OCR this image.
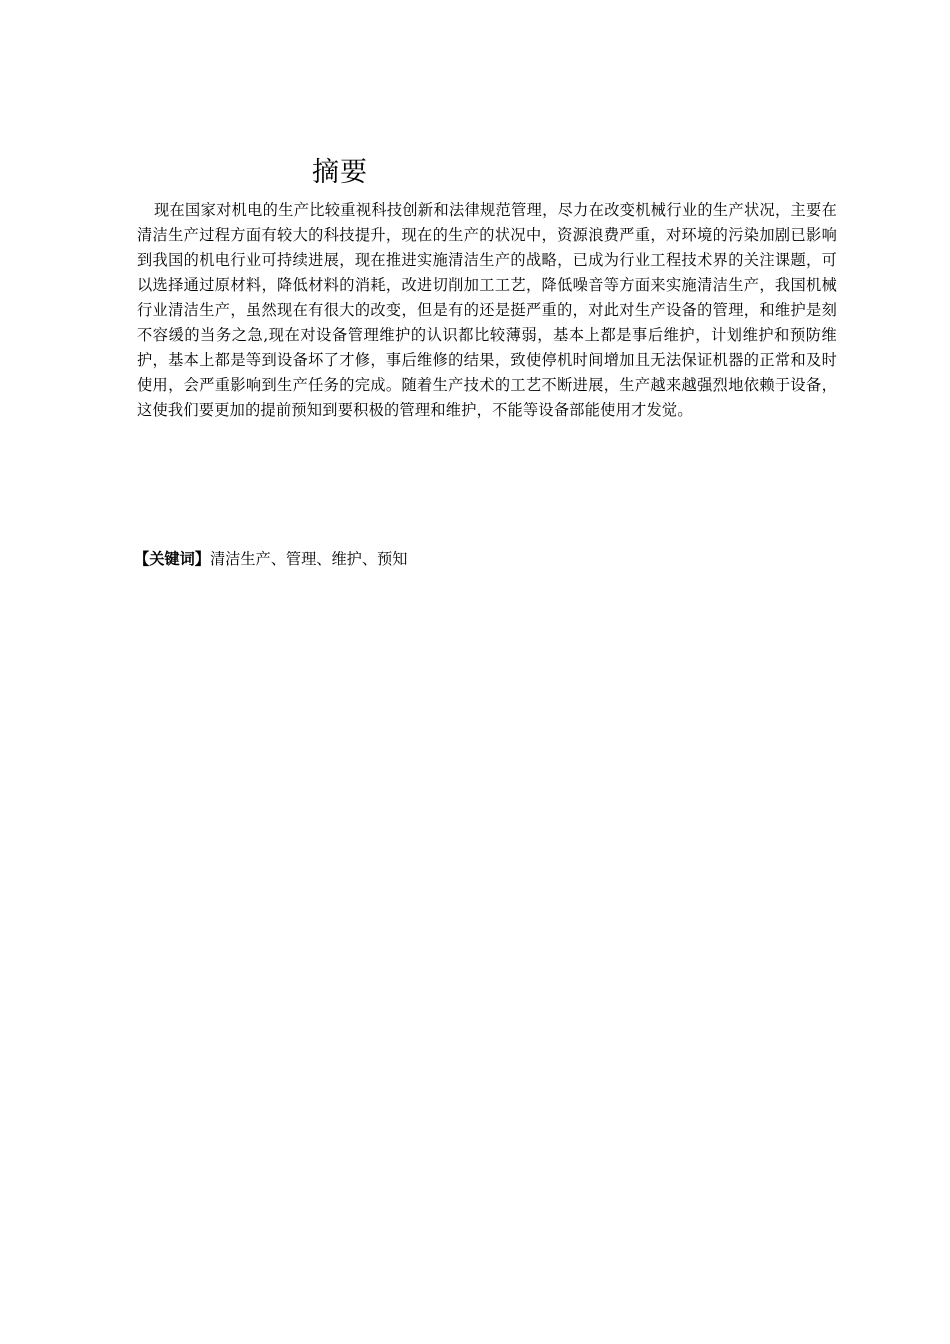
摘要

现在国家对机电的生产比较重视科技创新和法律规范管理，尽力在改变机械行业的生产状况，主要在清洁生产过程方面有较大的科技提升，现在的生产的状况中，资源浪费严重，对环境的污染加剧已影响到我国的机电行业可持续进展，现在推进实施清洁生产的战略，已成为行业工程技术界的关注课题，可以选择通过原材料，降低材料的消耗，改进切削加工工艺，降低噪音等方面来实施清洁生产，我国机械行业清洁生产，虽然现在有很大的改变，但是有的还是挺严重的，对此对生产设备的管理，和维护是刻不容缓的当务之急,现在对设备管理维护的认识都比较薄弱，基本上都是事后维护，计划维护和预防维护，基本上都是等到设备坏了才修，事后维修的结果，致使停机时间增加且无法保证机器的正常和及时使用，会严重影响到生产任务的完成。随着生产技术的工艺不断进展，生产越来越强烈地依赖于设备，这使我们要更加的提前预知到要积极的管理和维护，不能等设备部能使用才发觉。

【关键词】清洁生产、管理、维护、预知
